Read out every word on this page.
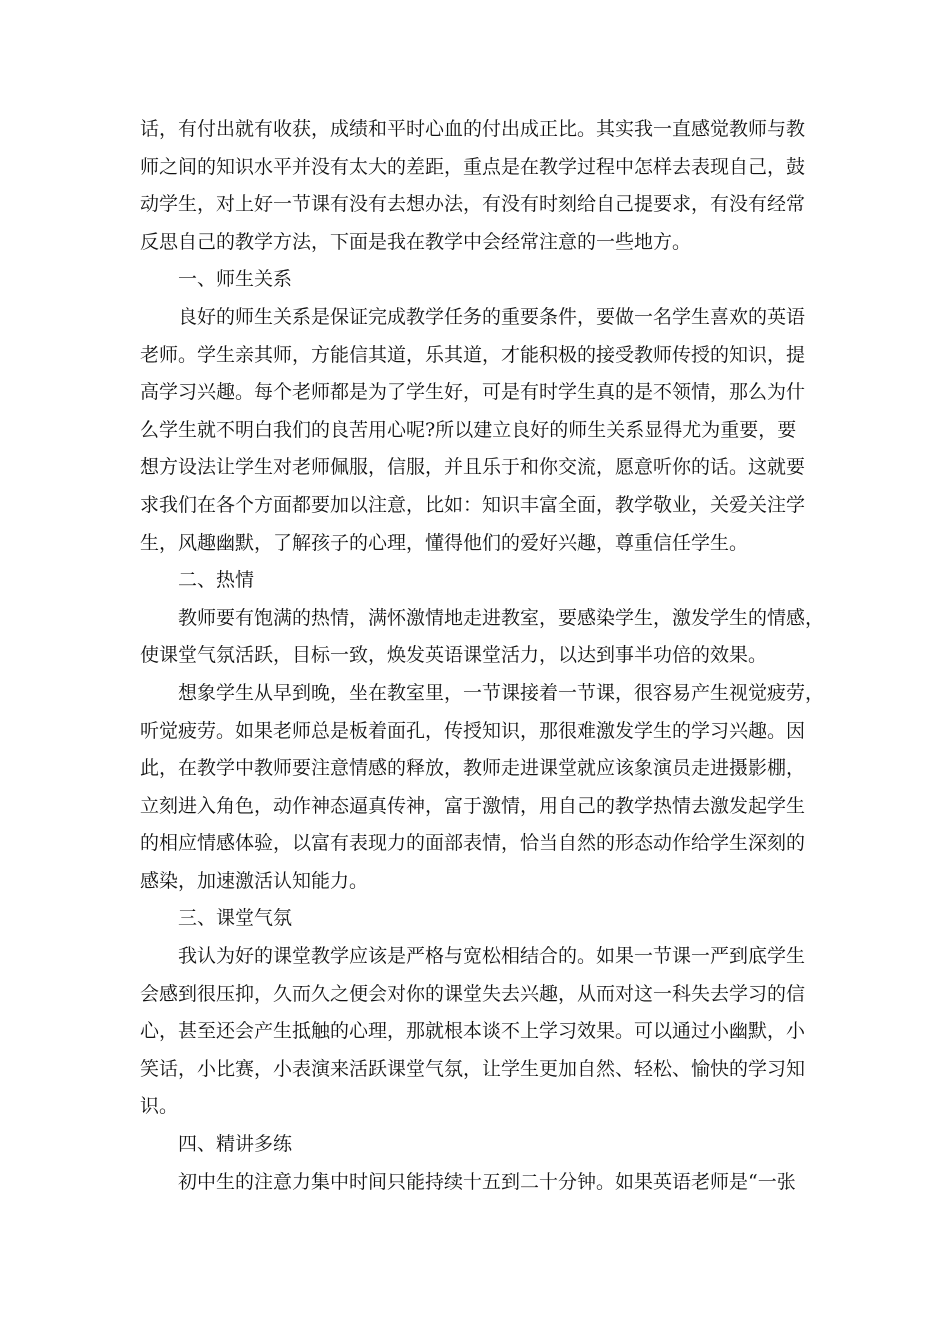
话，有付出就有收获，成绩和平时心血的付出成正比。其实我一直感觉教师与教
师之间的知识水平并没有太大的差距，重点是在教学过程中怎样去表现自己，鼓
动学生，对上好一节课有没有去想办法，有没有时刻给自己提要求，有没有经常
反思自己的教学方法，下面是我在教学中会经常注意的一些地方。
一、师生关系
良好的师生关系是保证完成教学任务的重要条件，要做一名学生喜欢的英语
老师。学生亲其师，方能信其道，乐其道，才能积极的接受教师传授的知识，提
高学习兴趣。每个老师都是为了学生好，可是有时学生真的是不领情，那么为什
么学生就不明白我们的良苦用心呢?所以建立良好的师生关系显得尤为重要，要
想方设法让学生对老师佩服，信服，并且乐于和你交流，愿意听你的话。这就要
求我们在各个方面都要加以注意，比如：知识丰富全面，教学敬业，关爱关注学
生，风趣幽默，了解孩子的心理，懂得他们的爱好兴趣，尊重信任学生。
二、热情
教师要有饱满的热情，满怀激情地走进教室，要感染学生，激发学生的情感，
使课堂气氛活跃，目标一致，焕发英语课堂活力，以达到事半功倍的效果。
想象学生从早到晚，坐在教室里，一节课接着一节课，很容易产生视觉疲劳，
听觉疲劳。如果老师总是板着面孔，传授知识，那很难激发学生的学习兴趣。因
此，在教学中教师要注意情感的释放，教师走进课堂就应该象演员走进摄影棚，
立刻进入角色，动作神态逼真传神，富于激情，用自己的教学热情去激发起学生
的相应情感体验，以富有表现力的面部表情，恰当自然的形态动作给学生深刻的
感染，加速激活认知能力。
三、课堂气氛
我认为好的课堂教学应该是严格与宽松相结合的。如果一节课一严到底学生
会感到很压抑，久而久之便会对你的课堂失去兴趣，从而对这一科失去学习的信
心，甚至还会产生抵触的心理，那就根本谈不上学习效果。可以通过小幽默，小
笑话，小比赛，小表演来活跃课堂气氛，让学生更加自然、轻松、愉快的学习知
识。
四、精讲多练
初中生的注意力集中时间只能持续十五到二十分钟。如果英语老师是“一张
